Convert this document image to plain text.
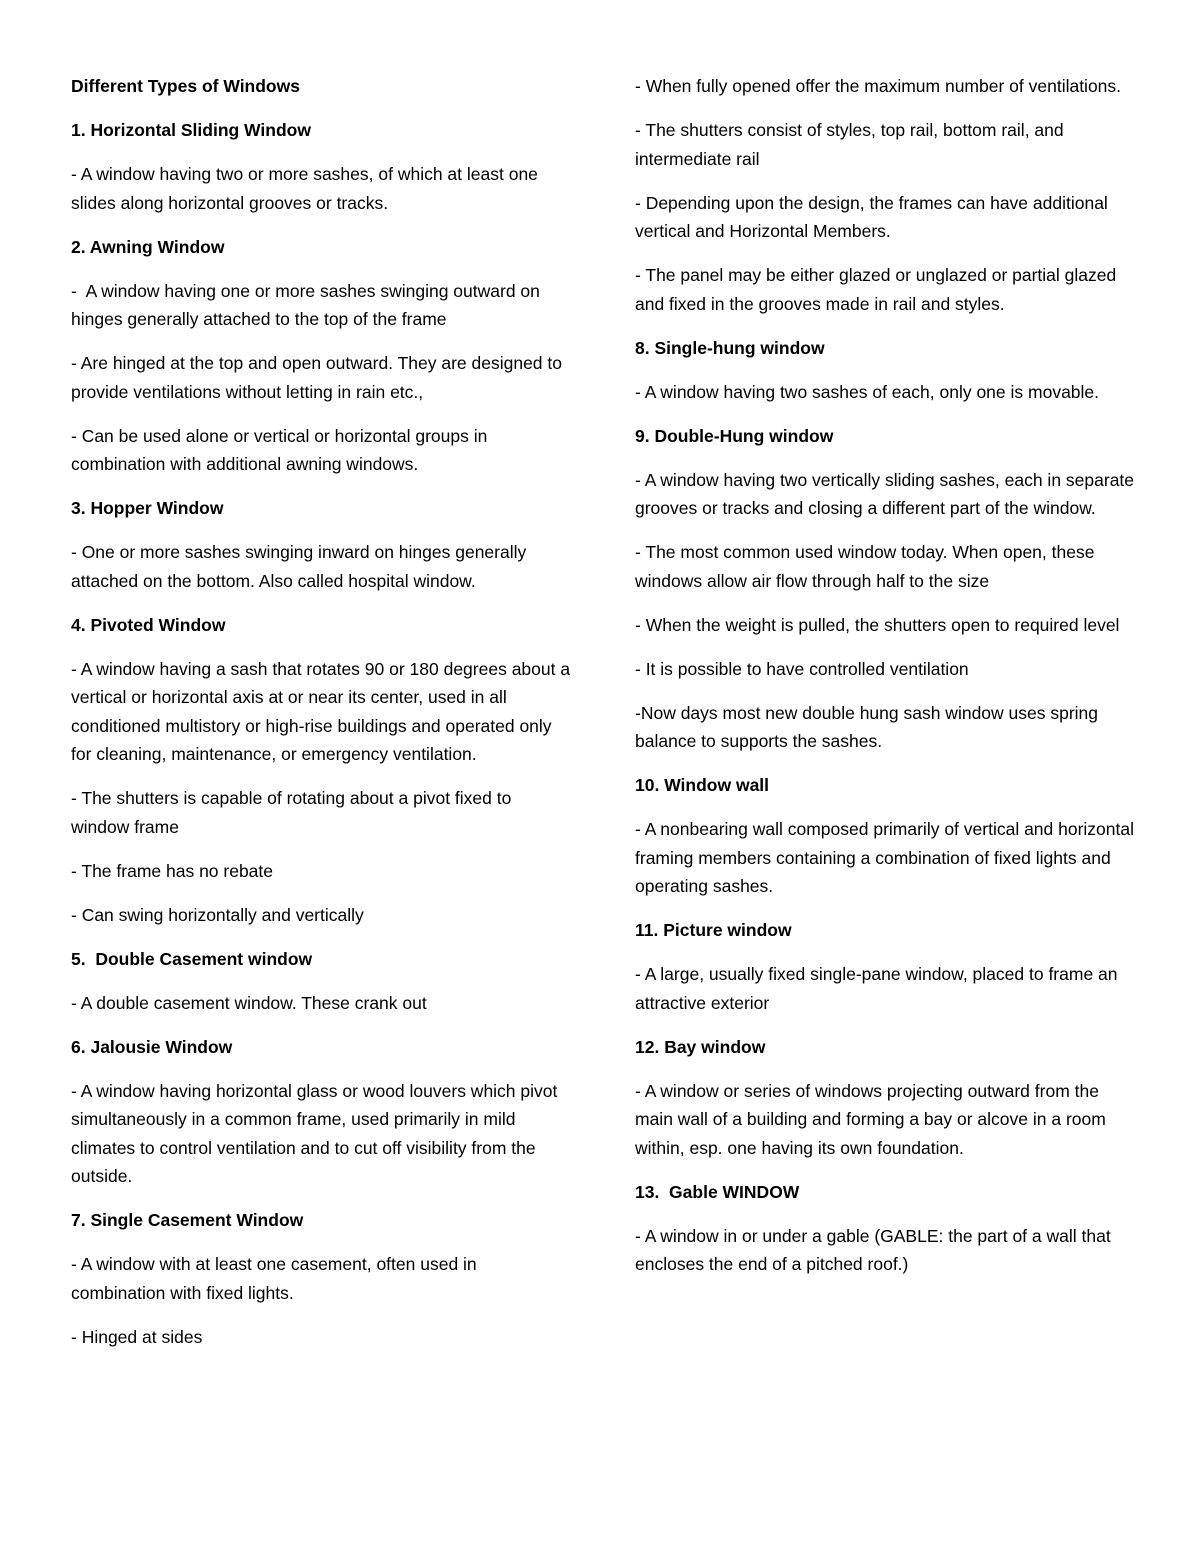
Different Types of Windows

1. Horizontal Sliding Window

- A window having two or more sashes, of which at least one slides along horizontal grooves or tracks.

2. Awning Window

-  A window having one or more sashes swinging outward on hinges generally attached to the top of the frame

- Are hinged at the top and open outward. They are designed to provide ventilations without letting in rain etc.,

- Can be used alone or vertical or horizontal groups in combination with additional awning windows.

3. Hopper Window

- One or more sashes swinging inward on hinges generally attached on the bottom. Also called hospital window.

4. Pivoted Window

- A window having a sash that rotates 90 or 180 degrees about a vertical or horizontal axis at or near its center, used in all conditioned multistory or high-rise buildings and operated only for cleaning, maintenance, or emergency ventilation.

- The shutters is capable of rotating about a pivot fixed to window frame

- The frame has no rebate

- Can swing horizontally and vertically

5.  Double Casement window

- A double casement window. These crank out

6. Jalousie Window

- A window having horizontal glass or wood louvers which pivot simultaneously in a common frame, used primarily in mild climates to control ventilation and to cut off visibility from the outside.

7. Single Casement Window

- A window with at least one casement, often used in combination with fixed lights.

- Hinged at sides

- When fully opened offer the maximum number of ventilations.

- The shutters consist of styles, top rail, bottom rail, and intermediate rail

- Depending upon the design, the frames can have additional vertical and Horizontal Members.

- The panel may be either glazed or unglazed or partial glazed and fixed in the grooves made in rail and styles.

8. Single-hung window

- A window having two sashes of each, only one is movable.

9. Double-Hung window

- A window having two vertically sliding sashes, each in separate grooves or tracks and closing a different part of the window.

- The most common used window today. When open, these windows allow air flow through half to the size

- When the weight is pulled, the shutters open to required level

- It is possible to have controlled ventilation

-Now days most new double hung sash window uses spring balance to supports the sashes.

10. Window wall

- A nonbearing wall composed primarily of vertical and horizontal framing members containing a combination of fixed lights and operating sashes.

11. Picture window

- A large, usually fixed single-pane window, placed to frame an attractive exterior

12. Bay window

- A window or series of windows projecting outward from the main wall of a building and forming a bay or alcove in a room within, esp. one having its own foundation.

13.  Gable WINDOW

- A window in or under a gable (GABLE: the part of a wall that encloses the end of a pitched roof.)
